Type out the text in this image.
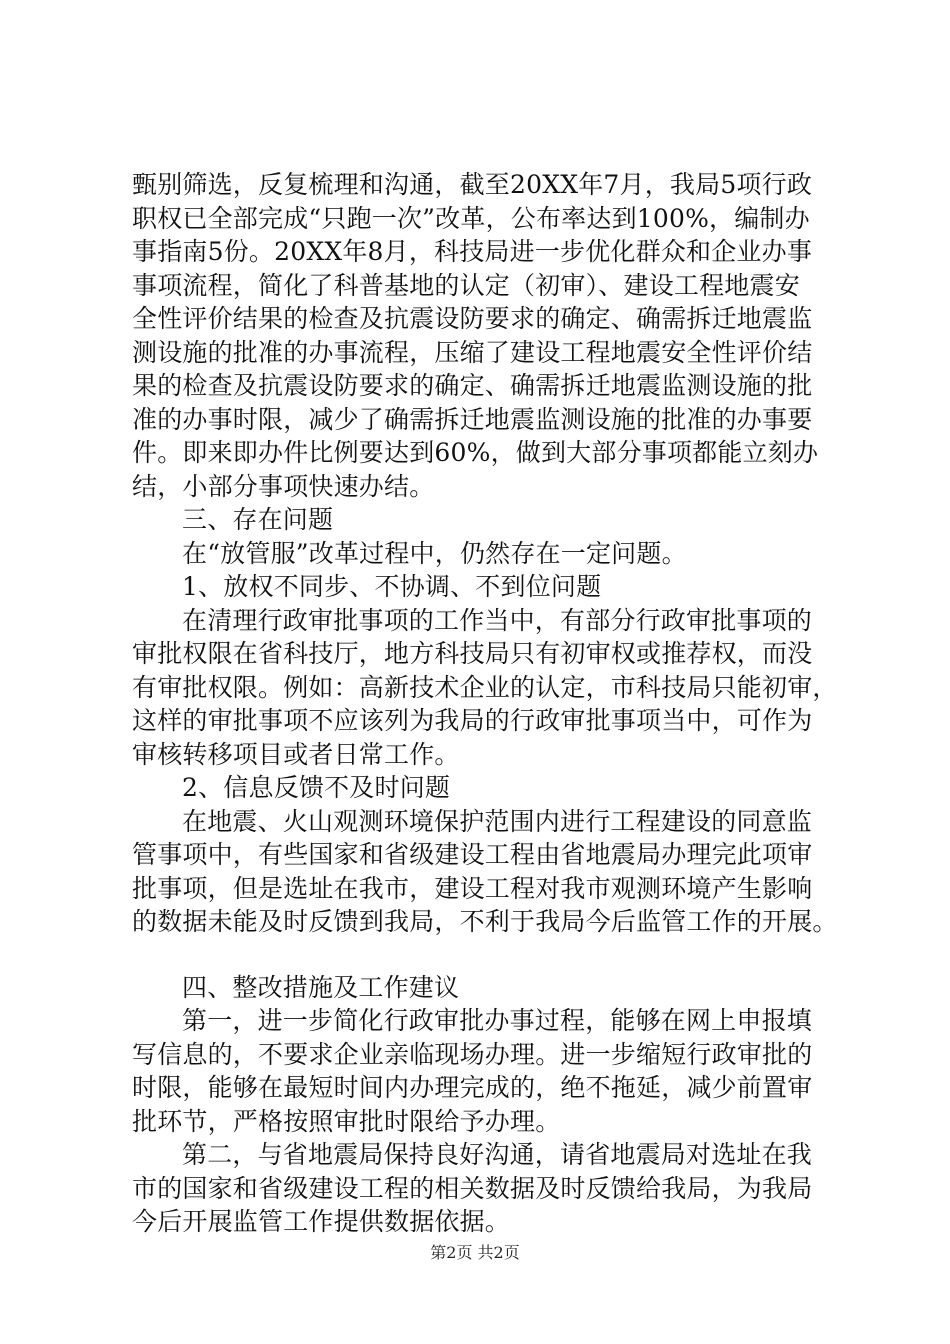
甄别筛选，反复梳理和沟通，截至20XX年7月，我局5项行政
职权已全部完成“只跑一次”改革，公布率达到100%，编制办
事指南5份。20XX年8月，科技局进一步优化群众和企业办事
事项流程，简化了科普基地的认定（初审）、建设工程地震安
全性评价结果的检查及抗震设防要求的确定、确需拆迁地震监
测设施的批准的办事流程，压缩了建设工程地震安全性评价结
果的检查及抗震设防要求的确定、确需拆迁地震监测设施的批
准的办事时限，减少了确需拆迁地震监测设施的批准的办事要
件。即来即办件比例要达到60%，做到大部分事项都能立刻办
结，小部分事项快速办结。
三、存在问题
在“放管服”改革过程中，仍然存在一定问题。
1、放权不同步、不协调、不到位问题
在清理行政审批事项的工作当中，有部分行政审批事项的
审批权限在省科技厅，地方科技局只有初审权或推荐权，而没
有审批权限。例如：高新技术企业的认定，市科技局只能初审，
这样的审批事项不应该列为我局的行政审批事项当中，可作为
审核转移项目或者日常工作。
2、信息反馈不及时问题
在地震、火山观测环境保护范围内进行工程建设的同意监
管事项中，有些国家和省级建设工程由省地震局办理完此项审
批事项，但是选址在我市，建设工程对我市观测环境产生影响
的数据未能及时反馈到我局，不利于我局今后监管工作的开展。
四、整改措施及工作建议
第一，进一步简化行政审批办事过程，能够在网上申报填
写信息的，不要求企业亲临现场办理。进一步缩短行政审批的
时限，能够在最短时间内办理完成的，绝不拖延，减少前置审
批环节，严格按照审批时限给予办理。
第二，与省地震局保持良好沟通，请省地震局对选址在我
市的国家和省级建设工程的相关数据及时反馈给我局，为我局
今后开展监管工作提供数据依据。
第2页 共2页
